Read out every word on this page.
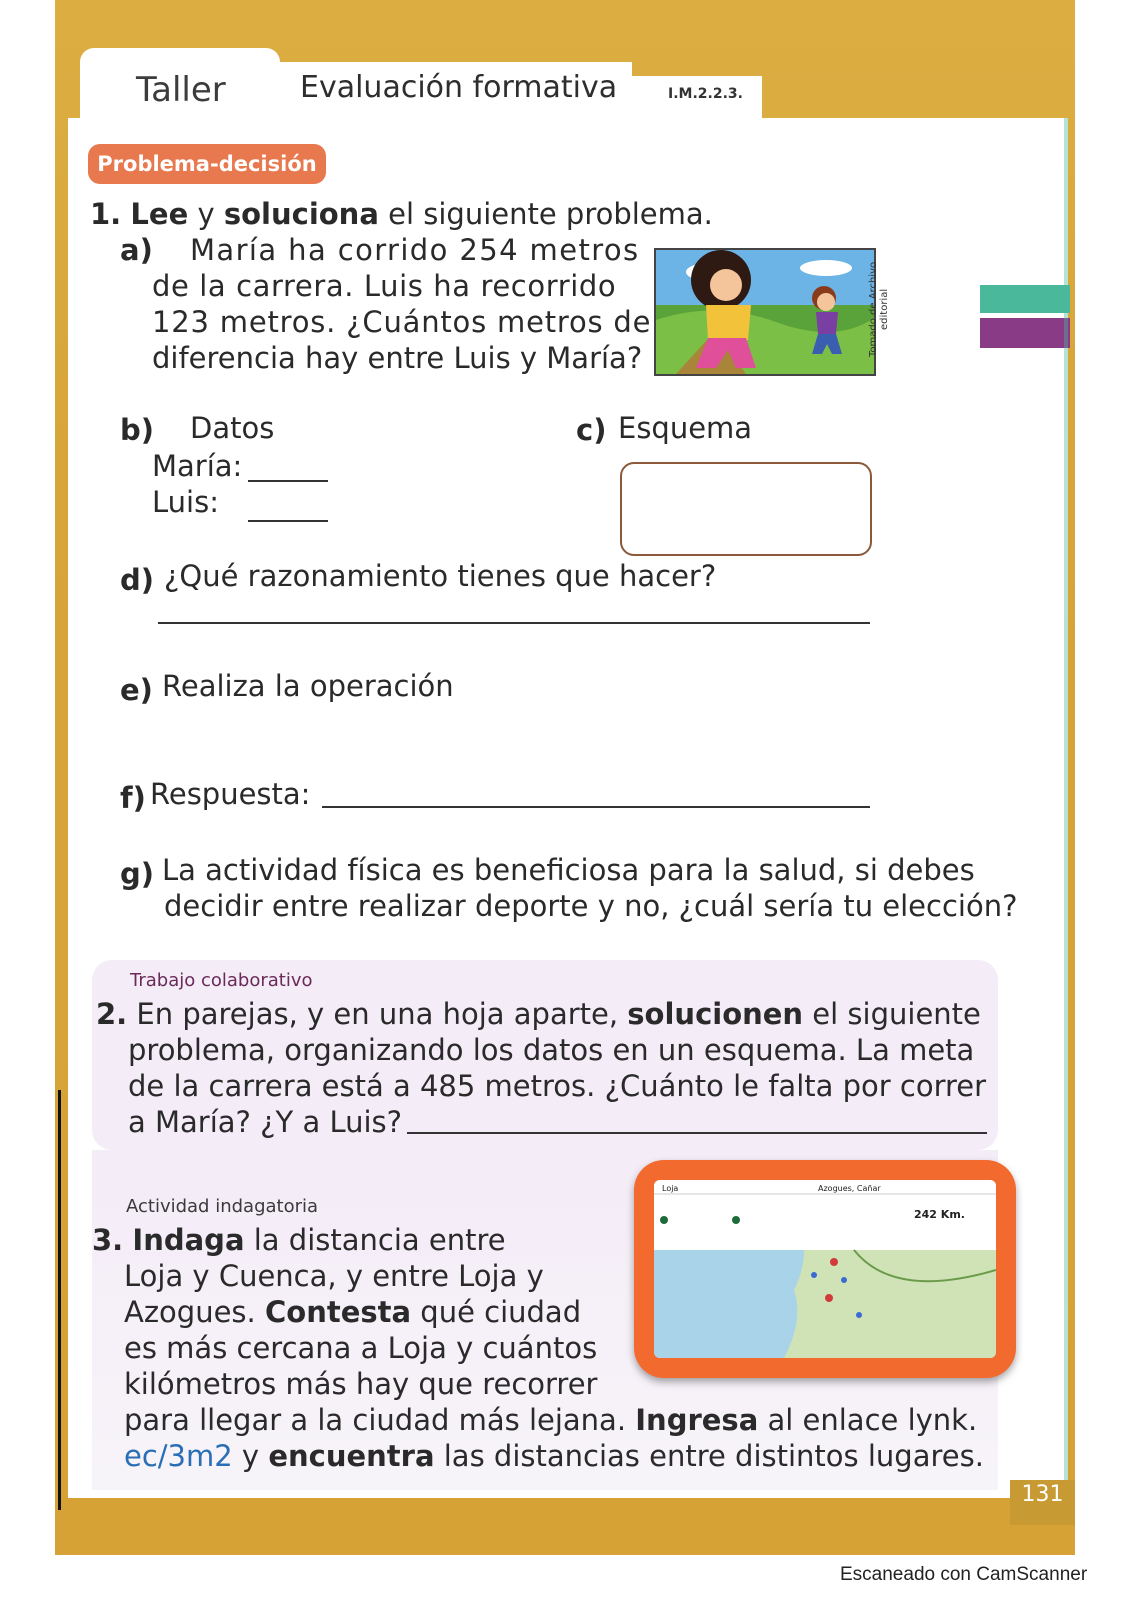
Taller Evaluación formativa	I.M.2.2.3.
Problema-decisión
1. Lee y soluciona el siguiente problema.
a) María ha corrido 254 metros
de la carrera. Luis ha recorrido
123 metros. ¿Cuántos metros de
diferencia hay entre Luis y María?
Tomado de Archivo editorial
b) Datos
María:
Luis:
c) Esquema
d) ¿Qué razonamiento tienes que hacer?
e) Realiza la operación
f) Respuesta:
g) La actividad física es beneficiosa para la salud, si debes
decidir entre realizar deporte y no, ¿cuál sería tu elección?
Trabajo colaborativo
2. En parejas, y en una hoja aparte, solucionen el siguiente
problema, organizando los datos en un esquema. La meta
de la carrera está a 485 metros. ¿Cuánto le falta por correr
a María? ¿Y a Luis?
Actividad indagatoria
3. Indaga la distancia entre
Loja y Cuenca, y entre Loja y
Azogues. Contesta qué ciudad
es más cercana a Loja y cuántos
kilómetros más hay que recorrer
para llegar a la ciudad más lejana. Ingresa al enlace lynk.
ec/3m2 y encuentra las distancias entre distintos lugares.
Loja	Azogues, Cañar
242 Km.
131
Escaneado con CamScanner
